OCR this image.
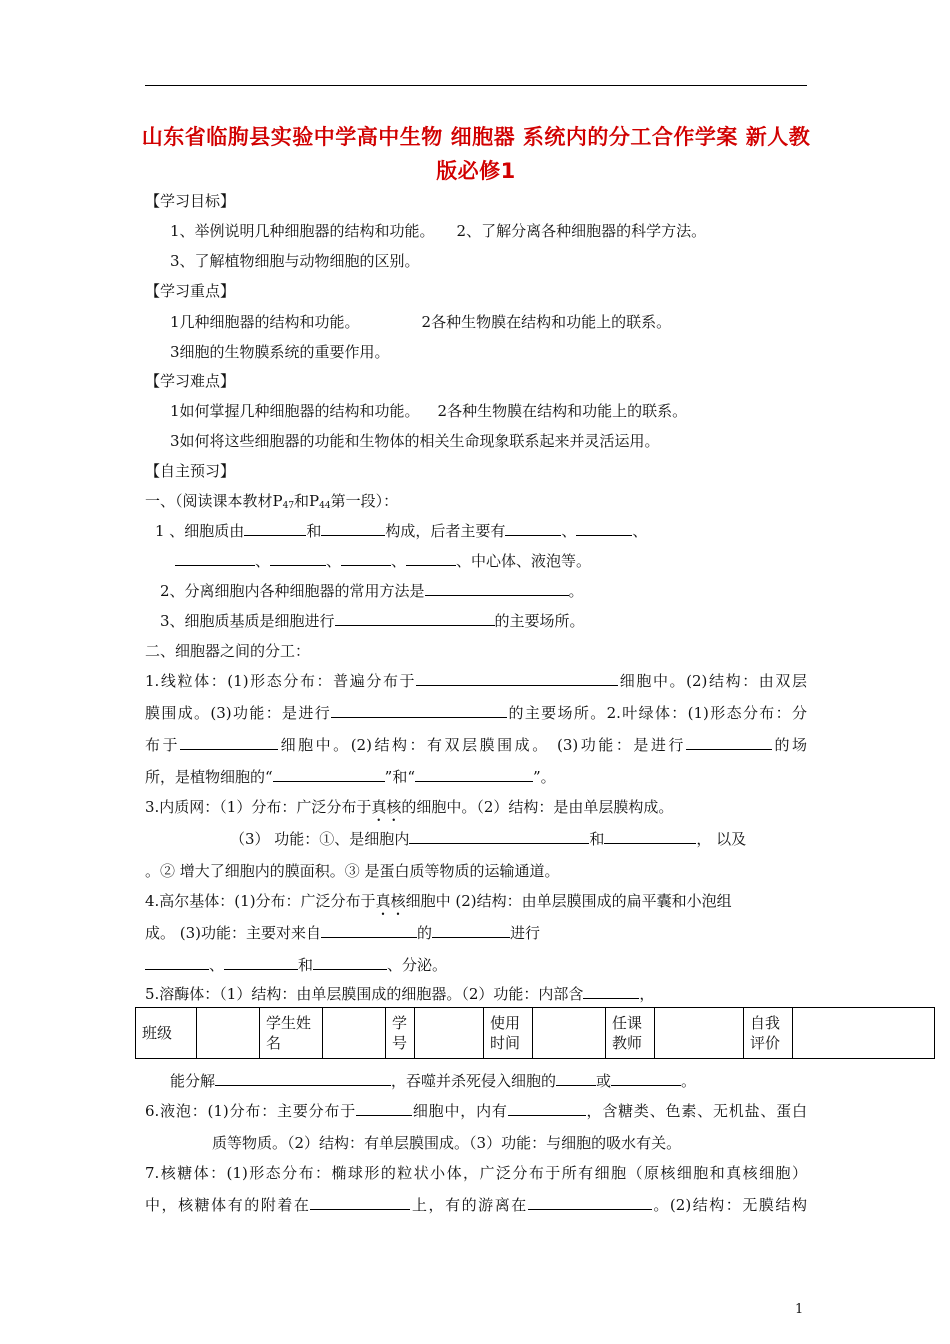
山东省临朐县实验中学高中生物 细胞器 系统内的分工合作学案 新人教版必修1
【学习目标】
1、举例说明几种细胞器的结构和功能。 2、了解分离各种细胞器的科学方法。
3、了解植物细胞与动物细胞的区别。
【学习重点】
1几种细胞器的结构和功能。	2各种生物膜在结构和功能上的联系。
3细胞的生物膜系统的重要作用。
【学习难点】
1如何掌握几种细胞器的结构和功能。 2各种生物膜在结构和功能上的联系。
3如何将这些细胞器的功能和生物体的相关生命现象联系起来并灵活运用。
【自主预习】
一、（阅读课本教材$P_{47}$和$P_{44}$第一段）：
1 、细胞质由	和	构成，后者主要有	、	、
、	、	、	、中心体、液泡等。
2、分离细胞内各种细胞器的常用方法是	。
3、细胞质基质是细胞进行	的主要场所。
二、细胞器之间的分工：
1.线粒体：(1)形态分布：普遍分布于	细胞中。(2)结构：由双层
膜围成。(3)功能：是进行	的主要场所。2.叶绿体：(1)形态分布：分
布于	细胞中。(2)结构：有双层膜围成。 (3)功能：是进行	的场
所，是植物细胞的“	”和“	”。
3.内质网：（1）分布：广泛分布于真核的细胞中。（2）结构：是由单层膜构成。
（3） 功能：①、是细胞内	和	， 以及
。② 增大了细胞内的膜面积。③ 是蛋白质等物质的运输通道。
4.高尔基体：(1)分布：广泛分布于真核细胞中 (2)结构：由单层膜围成的扁平囊和小泡组
成。 (3)功能：主要对来自	的	进行
、	和	、分泌。
5.溶酶体：（1）结构：由单层膜围成的细胞器。（2）功能：内部含	，
班级		学生姓名		学号		使用时间		任课教师		自我评价	
能分解	，吞噬并杀死侵入细胞的	或	。
6.液泡：(1)分布：主要分布于	细胞中，内有	，含糖类、色素、无机盐、蛋白
质等物质。（2）结构：有单层膜围成。（3）功能：与细胞的吸水有关。
7.核糖体：(1)形态分布：椭球形的粒状小体，广泛分布于所有细胞（原核细胞和真核细胞）
中，核糖体有的附着在	上，有的游离在	。(2)结构：无膜结构
1
